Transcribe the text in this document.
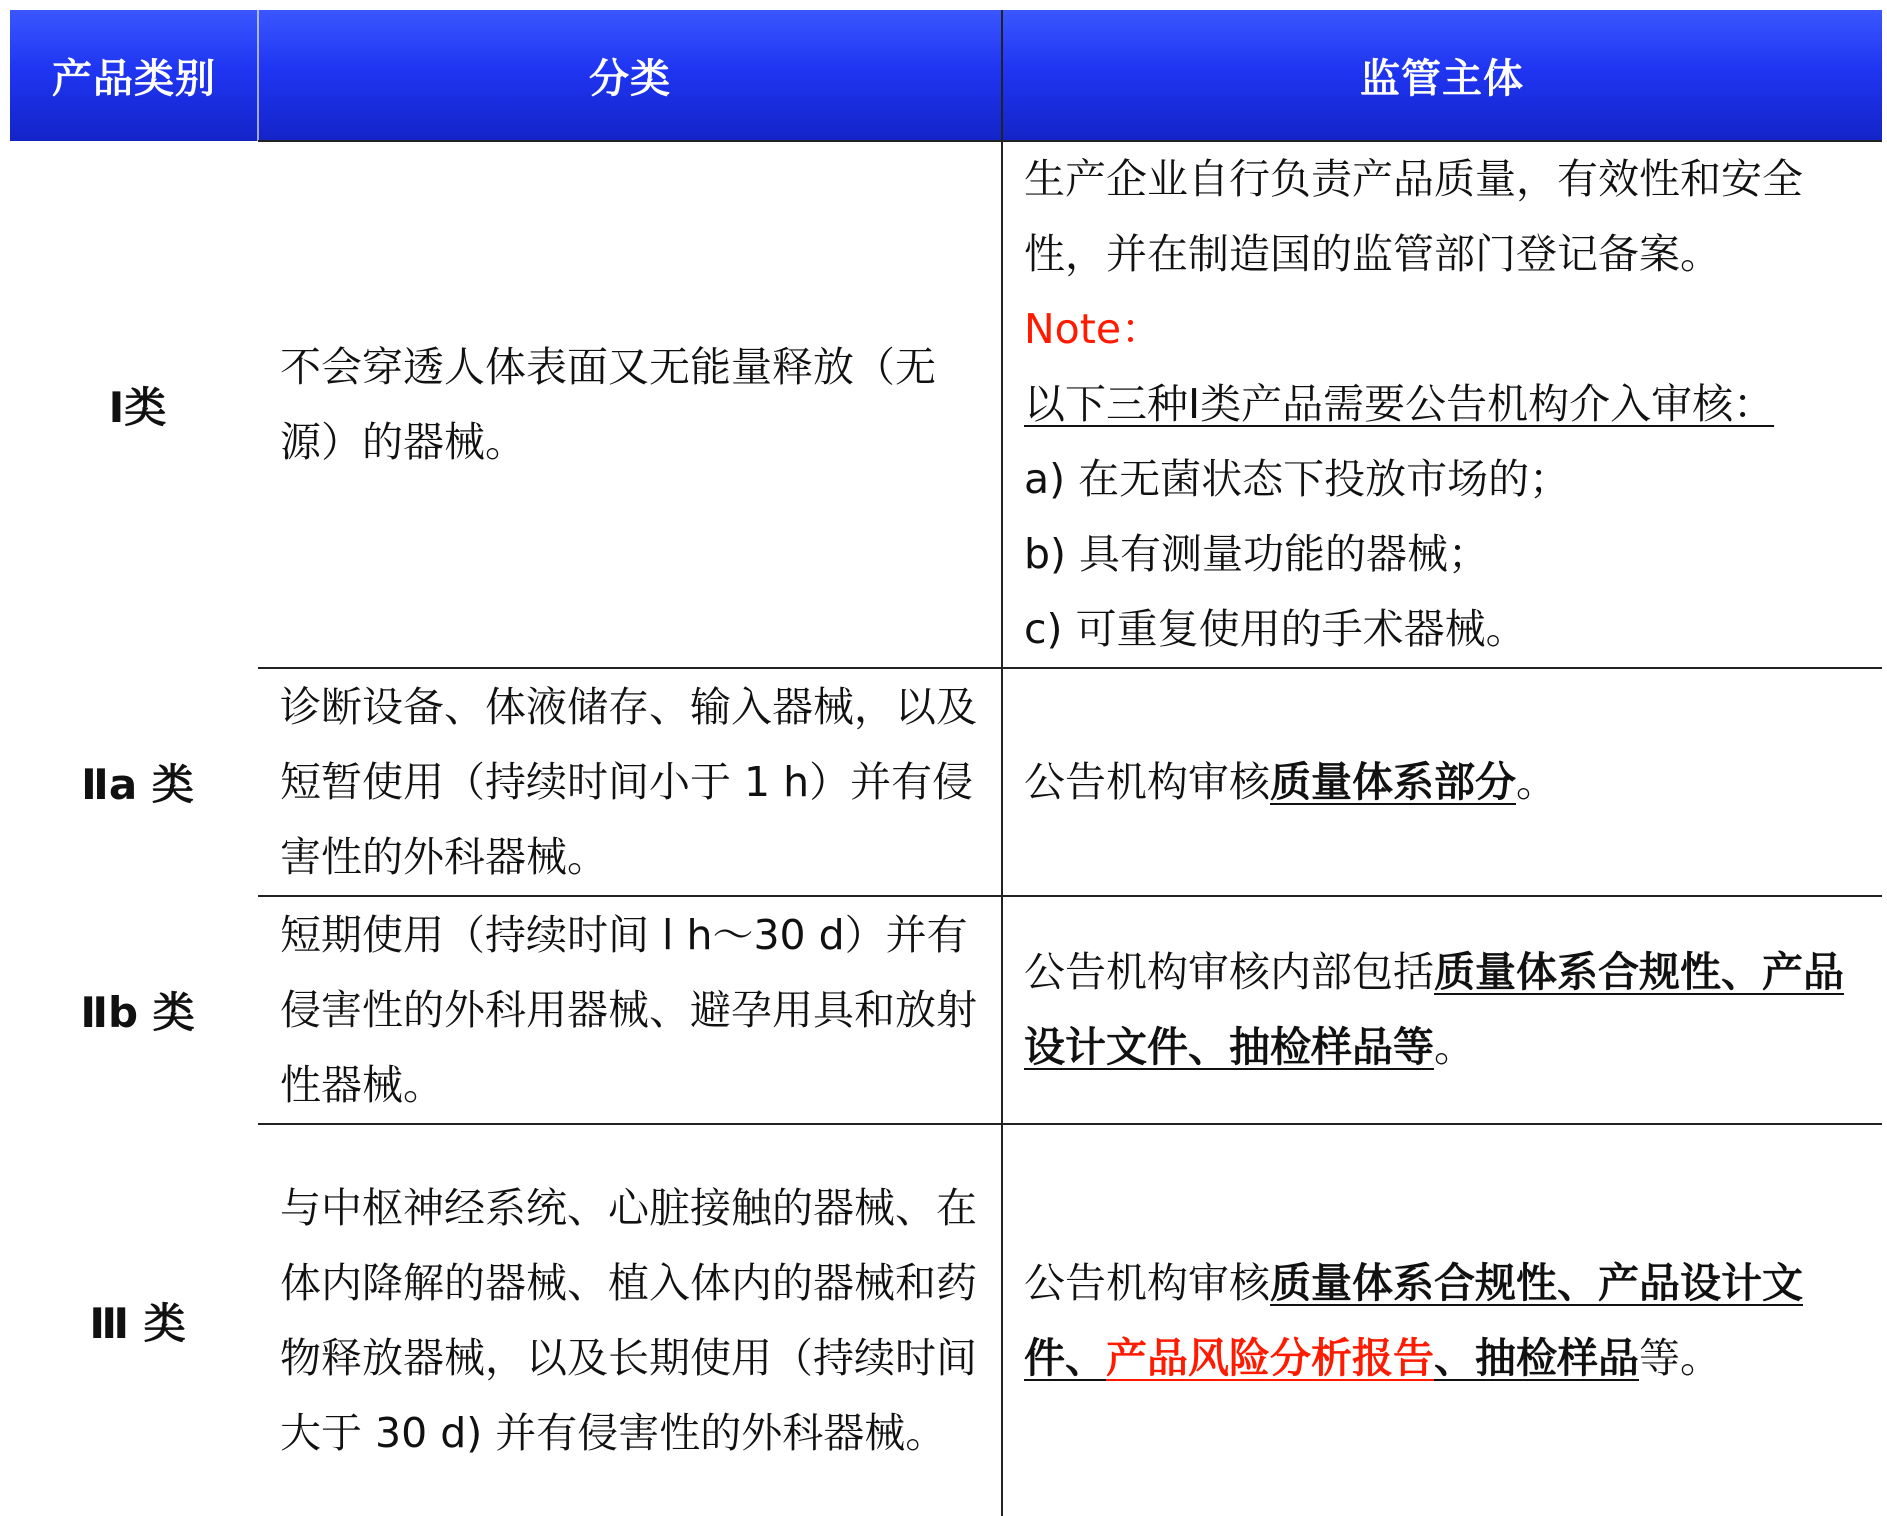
产品类别	分类	监管主体
Ⅰ类
不会穿透人体表面又无能量释放（无源）的器械。
生产企业自行负责产品质量，有效性和安全性，并在制造国的监管部门登记备案。
Note：
以下三种Ⅰ类产品需要公告机构介入审核：
a) 在无菌状态下投放市场的；
b) 具有测量功能的器械；
c) 可重复使用的手术器械。
Ⅱa 类
诊断设备、体液储存、输入器械，以及短暂使用（持续时间小于 1 h）并有侵害性的外科器械。
公告机构审核质量体系部分。
Ⅱb 类
短期使用（持续时间 l h～30 d）并有侵害性的外科用器械、避孕用具和放射性器械。
公告机构审核内部包括质量体系合规性、产品设计文件、抽检样品等。
Ⅲ 类
与中枢神经系统、心脏接触的器械、在体内降解的器械、植入体内的器械和药物释放器械，以及长期使用（持续时间大于 30 d) 并有侵害性的外科器械。
公告机构审核质量体系合规性、产品设计文件、产品风险分析报告、抽检样品等。
